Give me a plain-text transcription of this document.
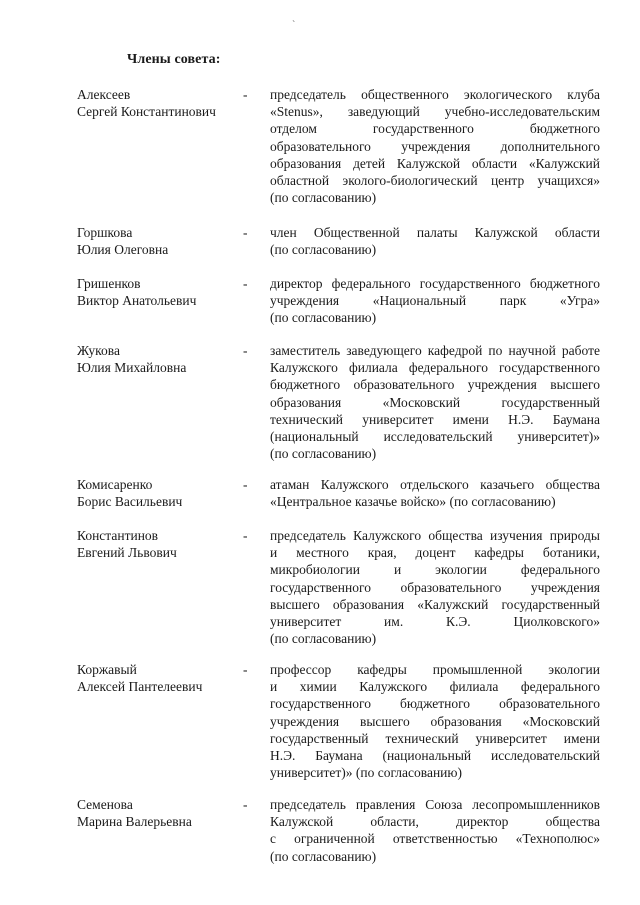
`
Члены совета:
Алексеев
Сергей Константинович
- председатель общественного экологического клуба
«Stenus», заведующий учебно-исследовательским
отделом государственного бюджетного
образовательного учреждения дополнительного
образования детей Калужской области «Калужский
областной эколого-биологический центр учащихся»
(по согласованию)
Горшкова
Юлия Олеговна
- член Общественной палаты Калужской области
(по согласованию)
Гришенков
Виктор Анатольевич
- директор федерального государственного бюджетного
учреждения «Национальный парк «Угра»
(по согласованию)
Жукова
Юлия Михайловна
- заместитель заведующего кафедрой по научной работе
Калужского филиала федерального государственного
бюджетного образовательного учреждения высшего
образования «Московский государственный
технический университет имени Н.Э. Баумана
(национальный исследовательский университет)»
(по согласованию)
Комисаренко
Борис Васильевич
- атаман Калужского отдельского казачьего общества
«Центральное казачье войско» (по согласованию)
Константинов
Евгений Львович
- председатель Калужского общества изучения природы
и местного края, доцент кафедры ботаники,
микробиологии и экологии федерального
государственного образовательного учреждения
высшего образования «Калужский государственный
университет им. К.Э. Циолковского»
(по согласованию)
Коржавый
Алексей Пантелеевич
- профессор кафедры промышленной экологии
и химии Калужского филиала федерального
государственного бюджетного образовательного
учреждения высшего образования «Московский
государственный технический университет имени
Н.Э. Баумана (национальный исследовательский
университет)» (по согласованию)
Семенова
Марина Валерьевна
- председатель правления Союза лесопромышленников
Калужской области, директор общества
с ограниченной ответственностью «Технополюс»
(по согласованию)
